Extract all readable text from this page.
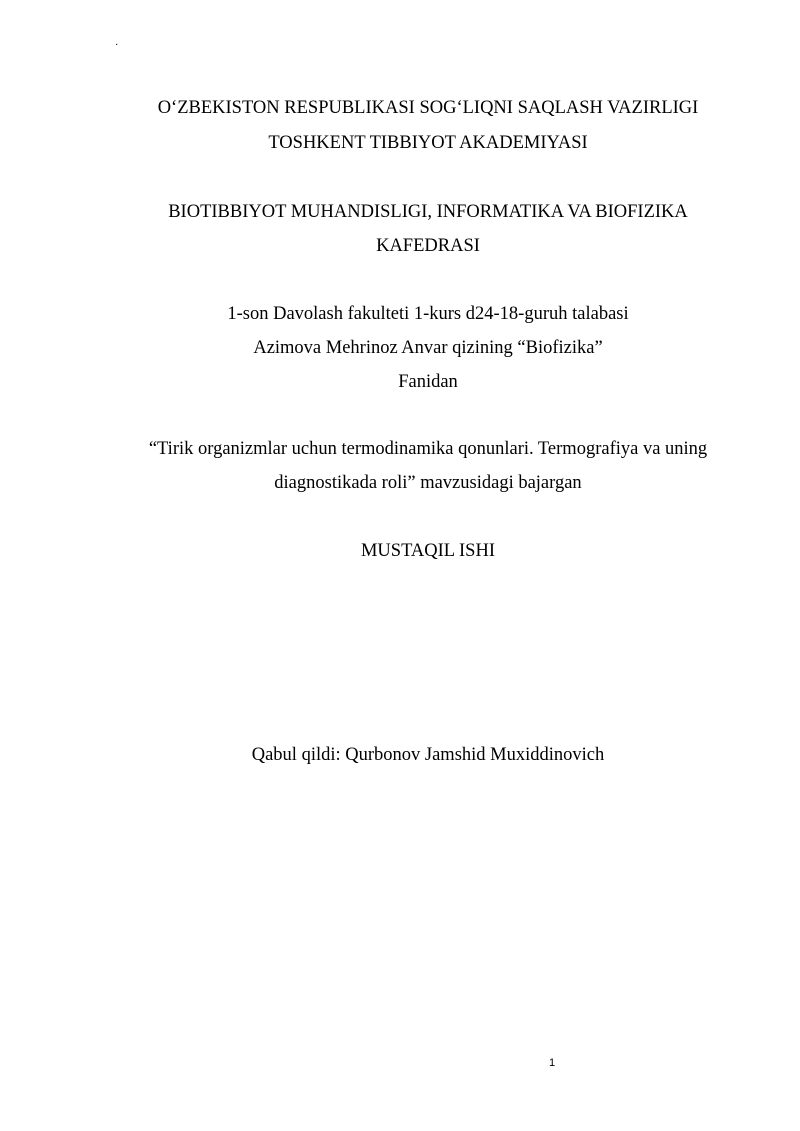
·
O‘ZBEKISTON RESPUBLIKASI SOG‘LIQNI SAQLASH VAZIRLIGI
TOSHKENT TIBBIYOT AKADEMIYASI
BIOTIBBIYOT MUHANDISLIGI, INFORMATIKA VA BIOFIZIKA
KAFEDRASI
1-son Davolash fakulteti 1-kurs d24-18-guruh talabasi
Azimova Mehrinoz Anvar qizining “Biofizika”
Fanidan
“Tirik organizmlar uchun termodinamika qonunlari. Termografiya va uning
diagnostikada roli” mavzusidagi bajargan
MUSTAQIL ISHI
Qabul qildi: Qurbonov Jamshid Muxiddinovich
1
